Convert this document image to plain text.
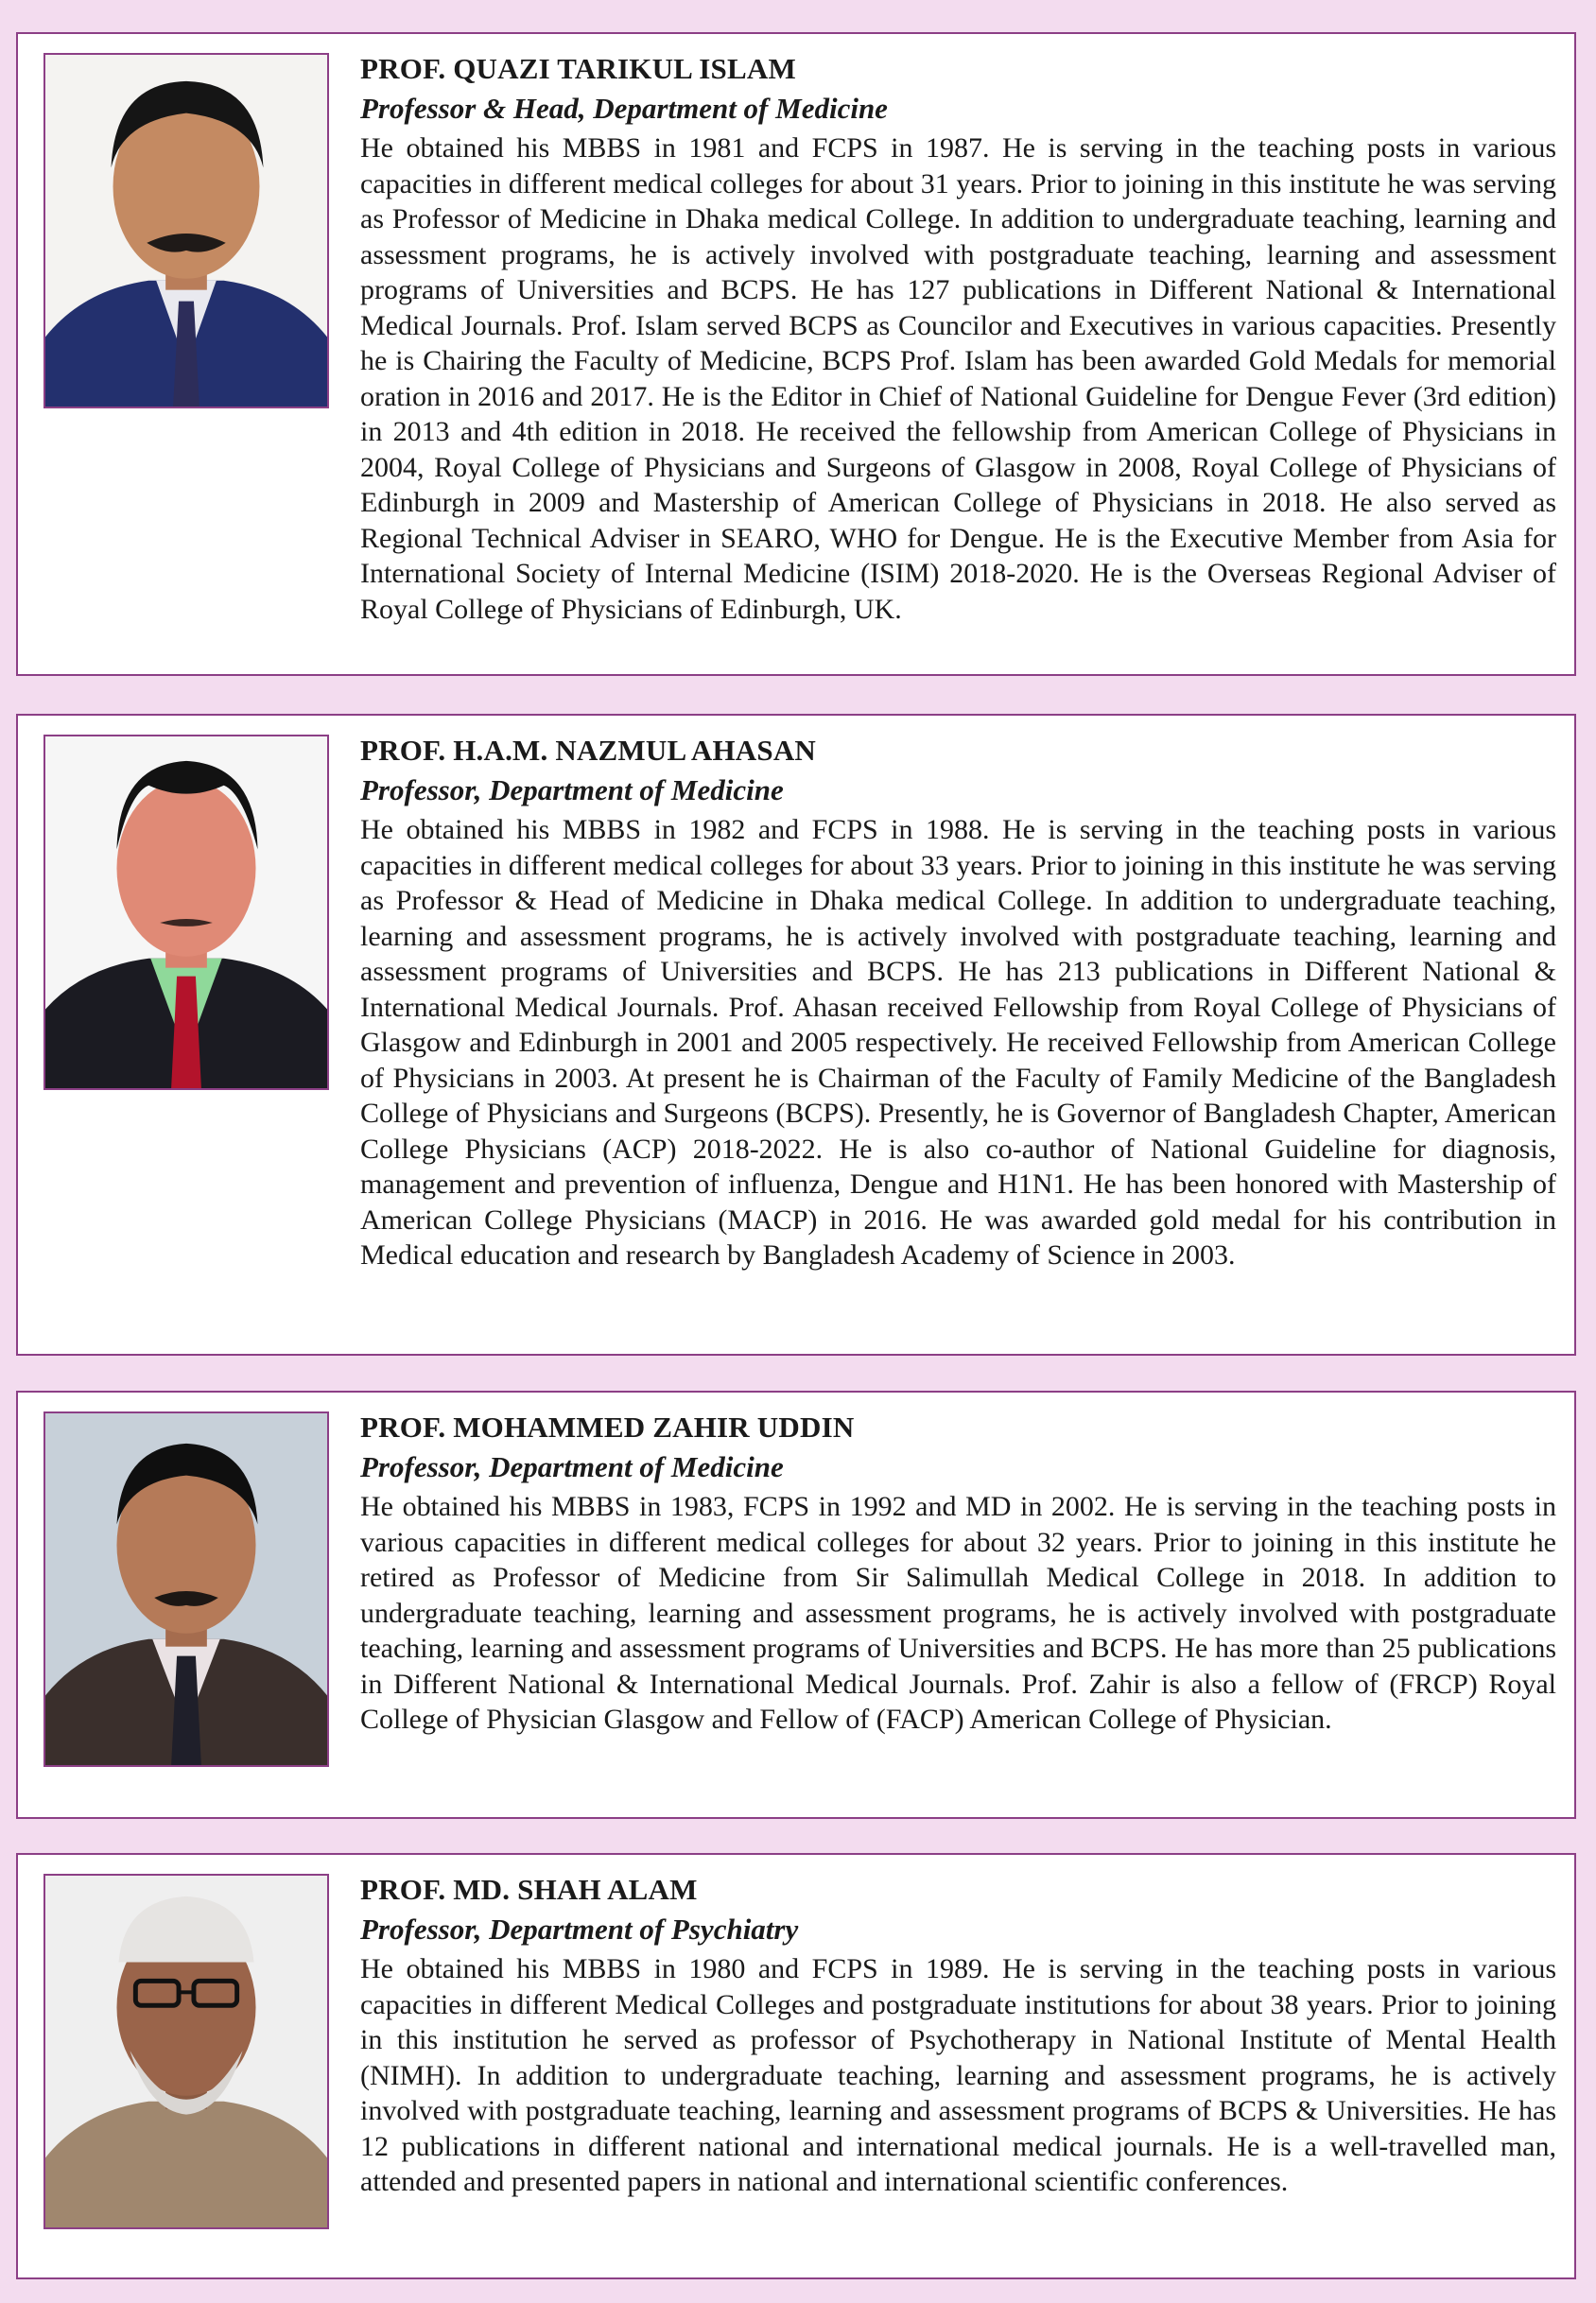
PROF. QUAZI TARIKUL ISLAM
Professor & Head, Department of Medicine

He obtained his MBBS in 1981 and FCPS in 1987. He is serving in the teaching posts in various capacities in different medical colleges for about 31 years. Prior to joining in this institute he was serving as Professor of Medicine in Dhaka medical College. In addition to undergraduate teaching, learning and assessment programs, he is actively involved with postgraduate teaching, learning and assessment programs of Universities and BCPS. He has 127 publications in Different National & International Medical Journals. Prof. Islam served BCPS as Councilor and Executives in various capacities. Presently he is Chairing the Faculty of Medicine, BCPS Prof. Islam has been awarded Gold Medals for memorial oration in 2016 and 2017. He is the Editor in Chief of National Guideline for Dengue Fever (3rd edition) in 2013 and 4th edition in 2018. He received the fellowship from American College of Physicians in 2004, Royal College of Physicians and Surgeons of Glasgow in 2008, Royal College of Physicians of Edinburgh in 2009 and Mastership of American College of Physicians in 2018. He also served as Regional Technical Adviser in SEARO, WHO for Dengue. He is the Executive Member from Asia for International Society of Internal Medicine (ISIM) 2018-2020. He is the Overseas Regional Adviser of Royal College of Physicians of Edinburgh, UK.

PROF. H.A.M. NAZMUL AHASAN
Professor, Department of Medicine

He obtained his MBBS in 1982 and FCPS in 1988. He is serving in the teaching posts in various capacities in different medical colleges for about 33 years. Prior to joining in this institute he was serving as Professor & Head of Medicine in Dhaka medical College. In addition to undergraduate teaching, learning and assessment programs, he is actively involved with postgraduate teaching, learning and assessment programs of Universities and BCPS. He has 213 publications in Different National & International Medical Journals. Prof. Ahasan received Fellowship from Royal College of Physicians of Glasgow and Edinburgh in 2001 and 2005 respectively. He received Fellowship from American College of Physicians in 2003. At present he is Chairman of the Faculty of Family Medicine of the Bangladesh College of Physicians and Surgeons (BCPS). Presently, he is Governor of Bangladesh Chapter, American College Physicians (ACP) 2018-2022. He is also co-author of National Guideline for diagnosis, management and prevention of influenza, Dengue and H1N1. He has been honored with Mastership of American College Physicians (MACP) in 2016. He was awarded gold medal for his contribution in Medical education and research by Bangladesh Academy of Science in 2003.

PROF. MOHAMMED ZAHIR UDDIN
Professor, Department of Medicine

He obtained his MBBS in 1983, FCPS in 1992 and MD in 2002. He is serving in the teaching posts in various capacities in different medical colleges for about 32 years. Prior to joining in this institute he retired as Professor of Medicine from Sir Salimullah Medical College in 2018. In addition to undergraduate teaching, learning and assessment programs, he is actively involved with postgraduate teaching, learning and assessment programs of Universities and BCPS. He has more than 25 publications in Different National & International Medical Journals. Prof. Zahir is also a fellow of (FRCP) Royal College of Physician Glasgow and Fellow of (FACP) American College of Physician.

PROF. MD. SHAH ALAM
Professor, Department of Psychiatry

He obtained his MBBS in 1980 and FCPS in 1989. He is serving in the teaching posts in various capacities in different Medical Colleges and postgraduate institutions for about 38 years. Prior to joining in this institution he served as professor of Psychotherapy in National Institute of Mental Health (NIMH). In addition to undergraduate teaching, learning and assessment programs, he is actively involved with postgraduate teaching, learning and assessment programs of BCPS & Universities. He has 12 publications in different national and international medical journals. He is a well-travelled man, attended and presented papers in national and international scientific conferences.
